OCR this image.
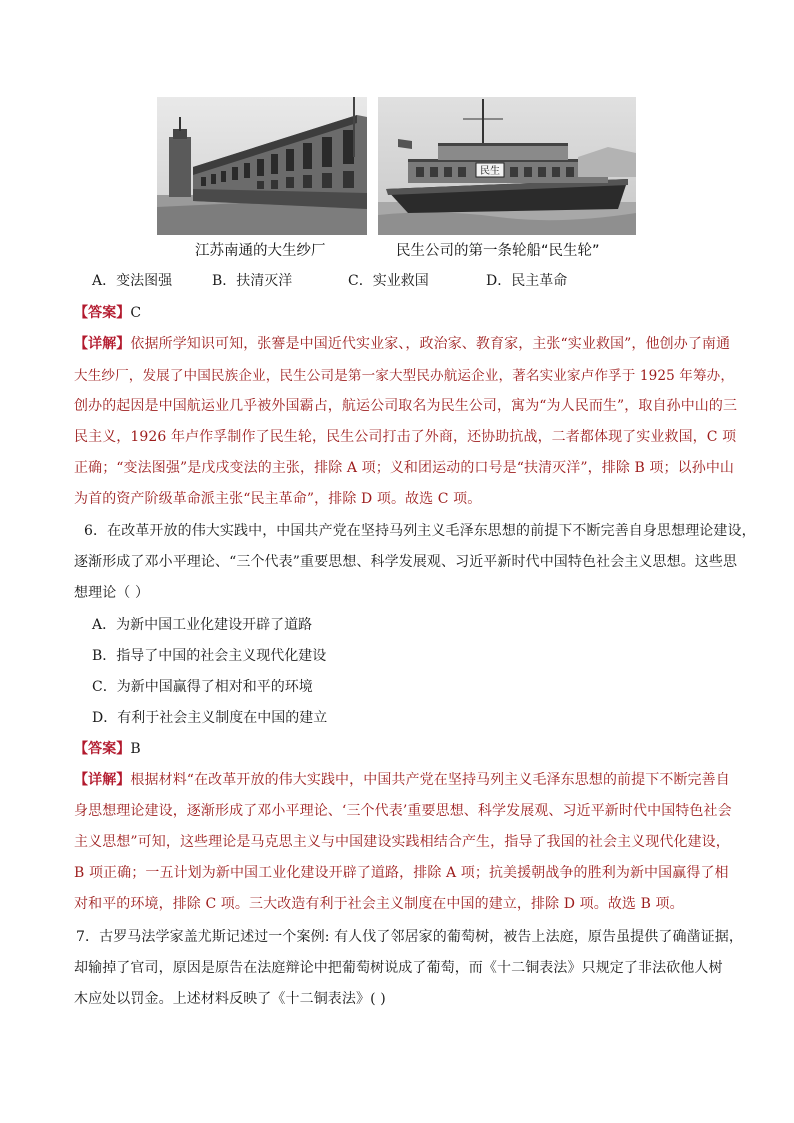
江苏南通的大生纱厂
民生
民生公司的第一条轮船“民生轮”
A．变法图强	B．扶清灭洋	C．实业救国	D．民主革命
【答案】C
【详解】依据所学知识可知，张謇是中国近代实业家、，政治家、教育家，主张“实业救国”，他创办了南通
大生纱厂，发展了中国民族企业，民生公司是第一家大型民办航运企业，著名实业家卢作孚于 1925 年筹办，
创办的起因是中国航运业几乎被外国霸占，航运公司取名为民生公司，寓为“为人民而生”，取自孙中山的三
民主义，1926 年卢作孚制作了民生轮，民生公司打击了外商，还协助抗战，二者都体现了实业救国，C 项
正确；“变法图强”是戊戌变法的主张，排除 A 项；义和团运动的口号是“扶清灭洋”，排除 B 项；以孙中山
为首的资产阶级革命派主张“民主革命”，排除 D 项。故选 C 项。
6．在改革开放的伟大实践中，中国共产党在坚持马列主义毛泽东思想的前提下不断完善自身思想理论建设，
逐渐形成了邓小平理论、“三个代表”重要思想、科学发展观、习近平新时代中国特色社会主义思想。这些思
想理论（ ）
A．为新中国工业化建设开辟了道路
B．指导了中国的社会主义现代化建设
C．为新中国赢得了相对和平的环境
D．有利于社会主义制度在中国的建立
【答案】B
【详解】根据材料“在改革开放的伟大实践中，中国共产党在坚持马列主义毛泽东思想的前提下不断完善自
身思想理论建设，逐渐形成了邓小平理论、‘三个代表’重要思想、科学发展观、习近平新时代中国特色社会
主义思想”可知，这些理论是马克思主义与中国建设实践相结合产生，指导了我国的社会主义现代化建设，
B 项正确；一五计划为新中国工业化建设开辟了道路，排除 A 项；抗美援朝战争的胜利为新中国赢得了相
对和平的环境，排除 C 项。三大改造有利于社会主义制度在中国的建立，排除 D 项。故选 B 项。
7．古罗马法学家盖尤斯记述过一个案例: 有人伐了邻居家的葡萄树，被告上法庭，原告虽提供了确凿证据，
却输掉了官司，原因是原告在法庭辩论中把葡萄树说成了葡萄，而《十二铜表法》只规定了非法砍他人树
木应处以罚金。上述材料反映了《十二铜表法》( )
